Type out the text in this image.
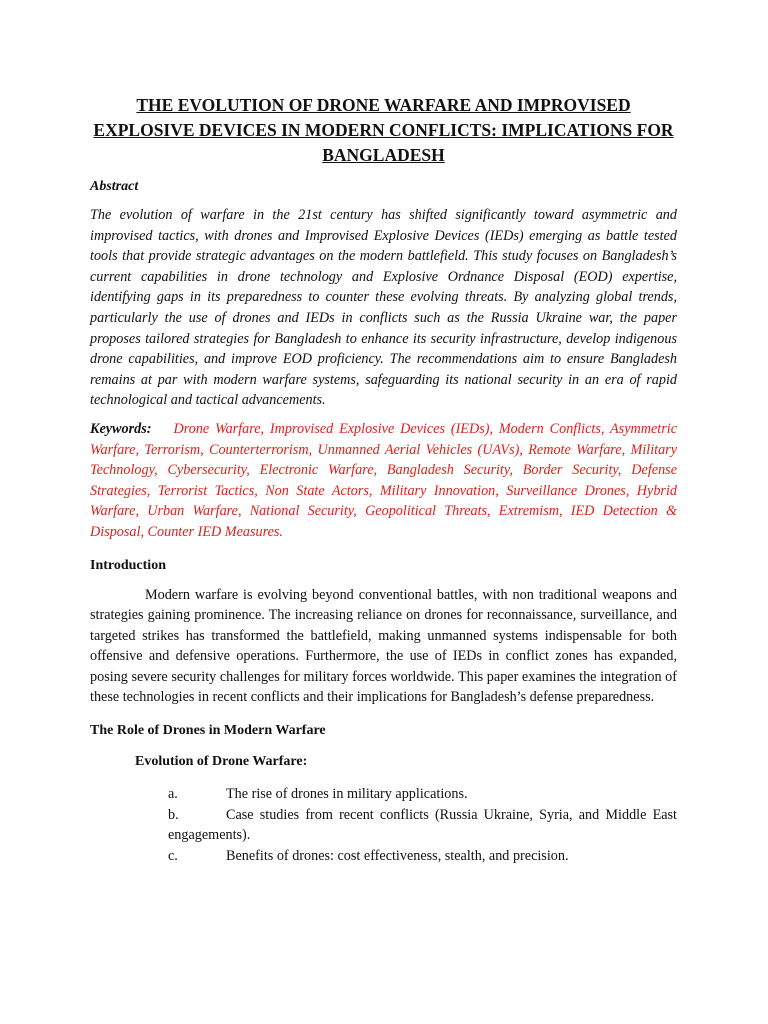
THE EVOLUTION OF DRONE WARFARE AND IMPROVISED
EXPLOSIVE DEVICES IN MODERN CONFLICTS: IMPLICATIONS FOR
BANGLADESH
Abstract

The evolution of warfare in the 21st century has shifted significantly toward asymmetric and improvised tactics, with drones and Improvised Explosive Devices (IEDs) emerging as battle tested tools that provide strategic advantages on the modern battlefield. This study focuses on Bangladesh’s current capabilities in drone technology and Explosive Ordnance Disposal (EOD) expertise, identifying gaps in its preparedness to counter these evolving threats. By analyzing global trends, particularly the use of drones and IEDs in conflicts such as the Russia Ukraine war, the paper proposes tailored strategies for Bangladesh to enhance its security infrastructure, develop indigenous drone capabilities, and improve EOD proficiency. The recommendations aim to ensure Bangladesh remains at par with modern warfare systems, safeguarding its national security in an era of rapid technological and tactical advancements.

Keywords: Drone Warfare, Improvised Explosive Devices (IEDs), Modern Conflicts, Asymmetric Warfare, Terrorism, Counterterrorism, Unmanned Aerial Vehicles (UAVs), Remote Warfare, Military Technology, Cybersecurity, Electronic Warfare, Bangladesh Security, Border Security, Defense Strategies, Terrorist Tactics, Non State Actors, Military Innovation, Surveillance Drones, Hybrid Warfare, Urban Warfare, National Security, Geopolitical Threats, Extremism, IED Detection & Disposal, Counter IED Measures.

Introduction

Modern warfare is evolving beyond conventional battles, with non traditional weapons and strategies gaining prominence. The increasing reliance on drones for reconnaissance, surveillance, and targeted strikes has transformed the battlefield, making unmanned systems indispensable for both offensive and defensive operations. Furthermore, the use of IEDs in conflict zones has expanded, posing severe security challenges for military forces worldwide. This paper examines the integration of these technologies in recent conflicts and their implications for Bangladesh’s defense preparedness.

The Role of Drones in Modern Warfare
Evolution of Drone Warfare:
a.	The rise of drones in military applications.
b.	Case studies from recent conflicts (Russia Ukraine, Syria, and Middle East engagements).
c.	Benefits of drones: cost effectiveness, stealth, and precision.
